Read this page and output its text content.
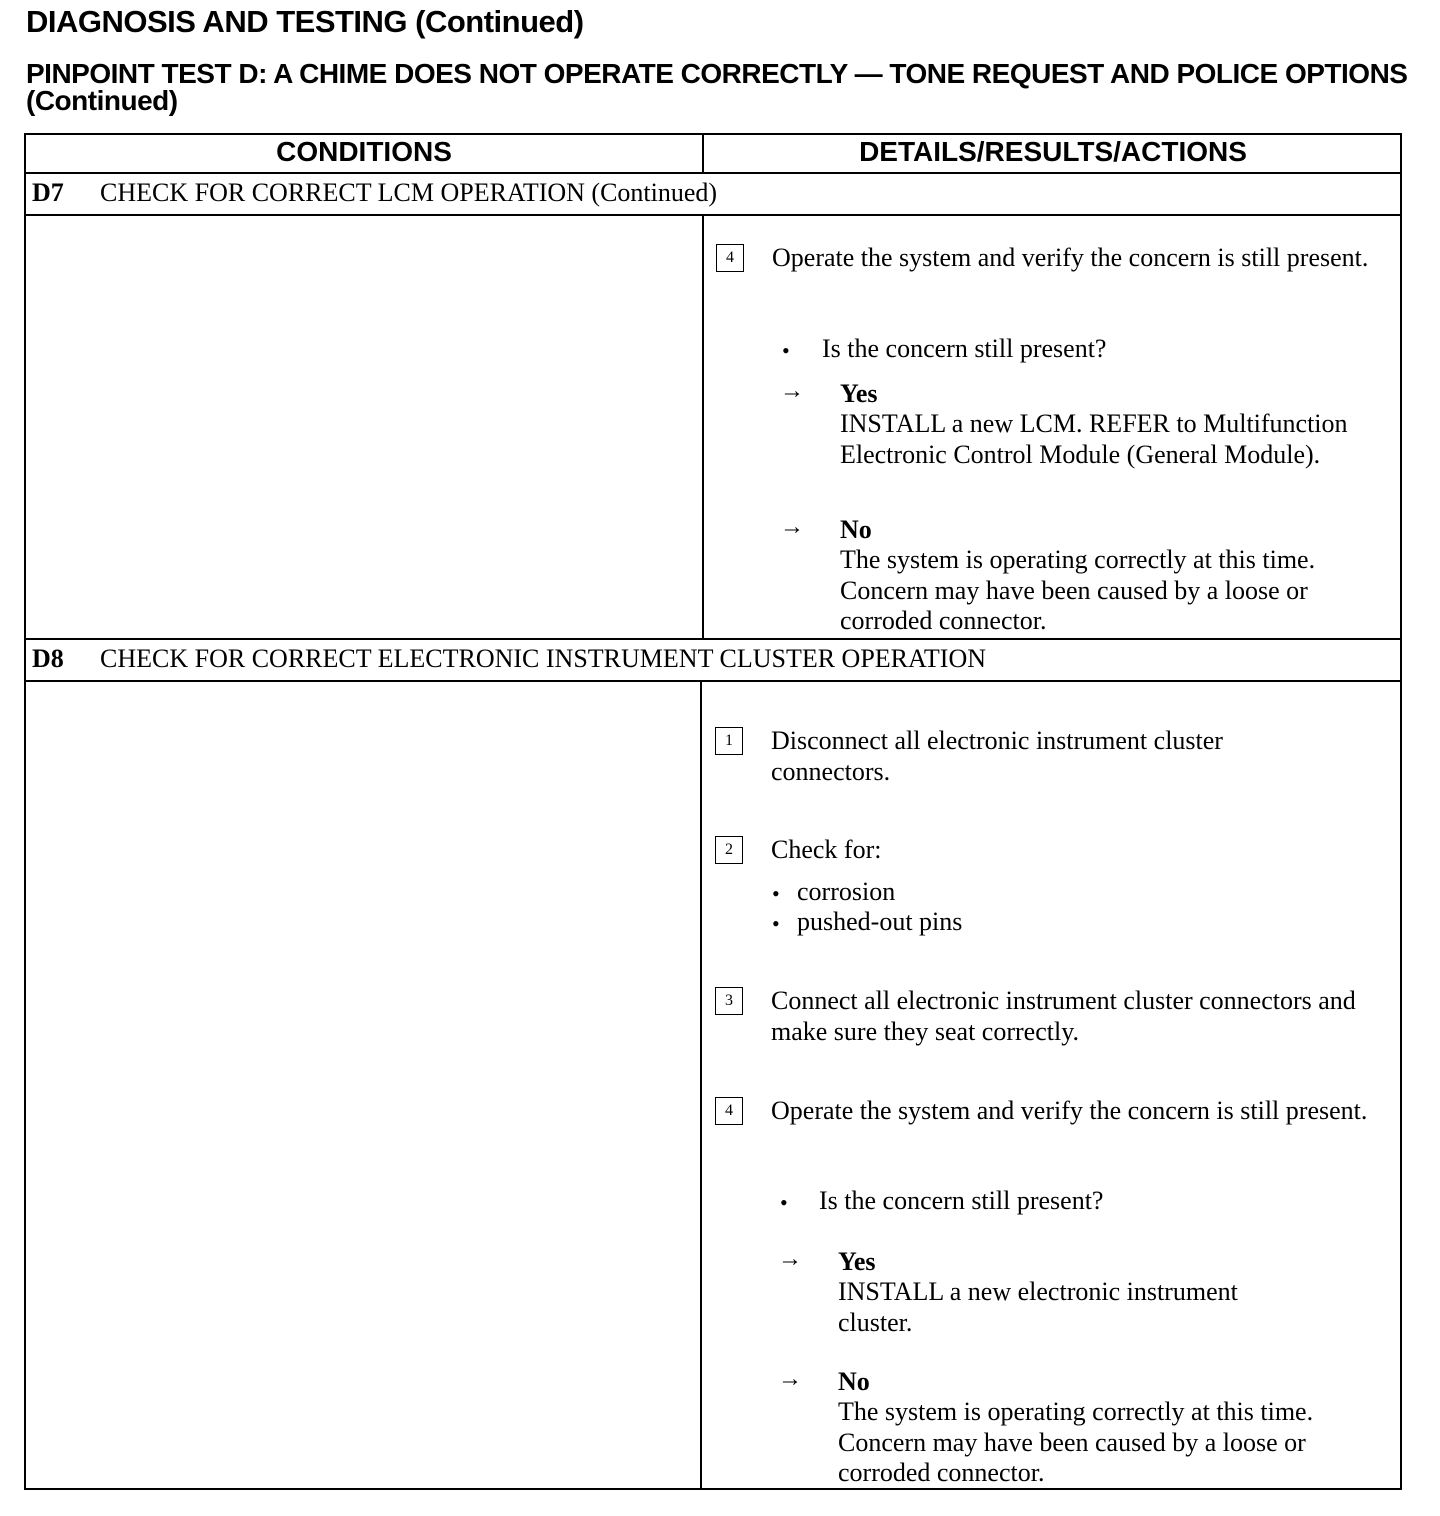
DIAGNOSIS AND TESTING (Continued)
PINPOINT TEST D: A CHIME DOES NOT OPERATE CORRECTLY — TONE REQUEST AND POLICE OPTIONS (Continued)
CONDITIONS	DETAILS/RESULTS/ACTIONS
D7 CHECK FOR CORRECT LCM OPERATION (Continued)
4	Operate the system and verify the concern is still present.
• Is the concern still present?
→ Yes
INSTALL a new LCM. REFER to Multifunction Electronic Control Module (General Module).
→ No
The system is operating correctly at this time. Concern may have been caused by a loose or corroded connector.
D8 CHECK FOR CORRECT ELECTRONIC INSTRUMENT CLUSTER OPERATION
1	Disconnect all electronic instrument cluster connectors.
2	Check for:
• corrosion
• pushed-out pins
3	Connect all electronic instrument cluster connectors and make sure they seat correctly.
4	Operate the system and verify the concern is still present.
• Is the concern still present?
→ Yes
INSTALL a new electronic instrument cluster.
→ No
The system is operating correctly at this time. Concern may have been caused by a loose or corroded connector.
